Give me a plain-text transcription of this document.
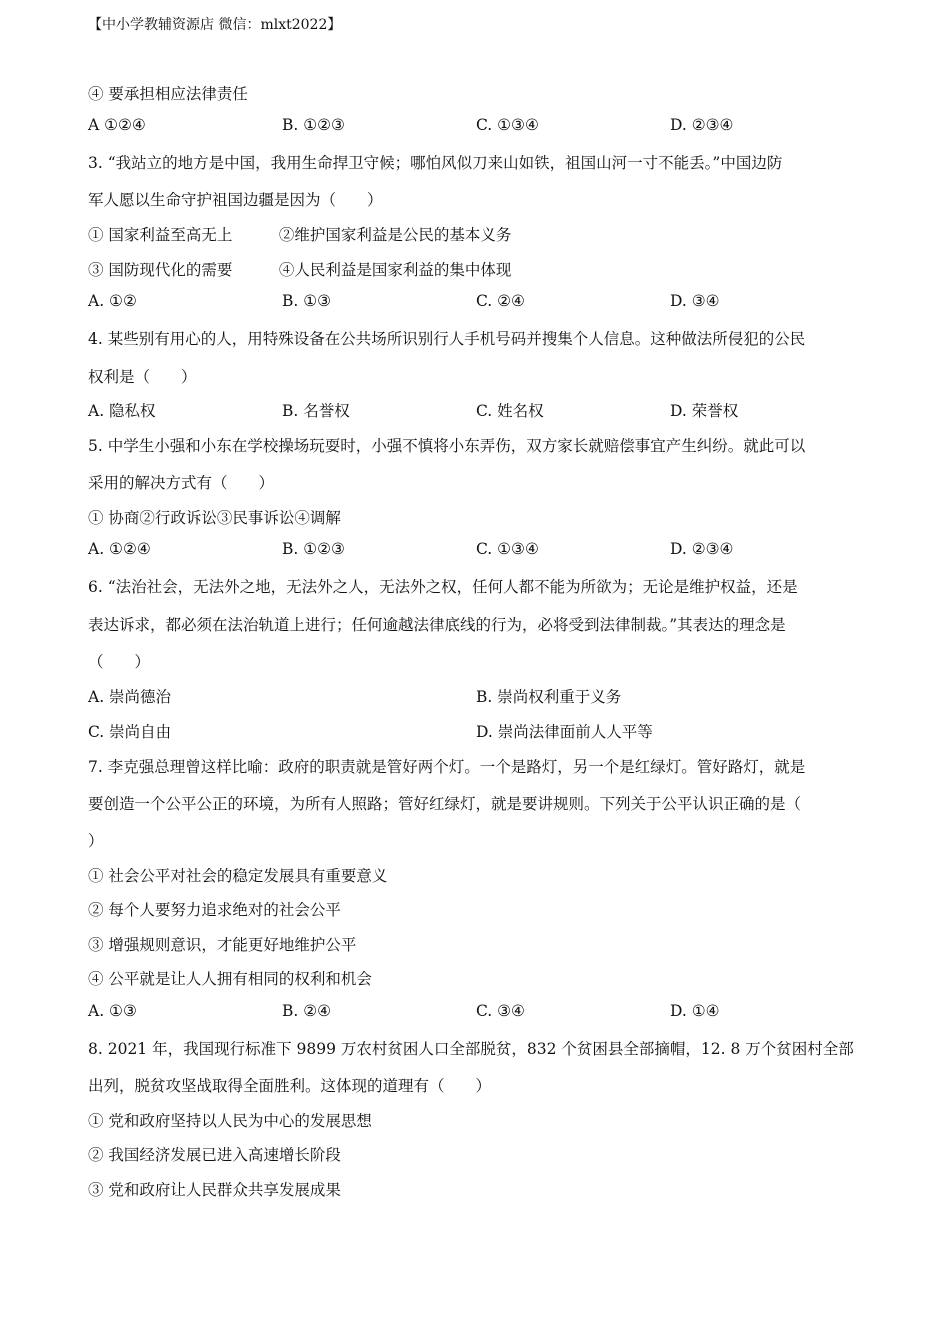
【中小学教辅资源店 微信：mlxt2022】
④ 要承担相应法律责任
A ①②④	B. ①②③	C. ①③④	D. ②③④
3. “我站立的地方是中国，我用生命捍卫守候；哪怕风似刀来山如铁，祖国山河一寸不能丢。”中国边防
军人愿以生命守护祖国边疆是因为（　　）
① 国家利益至高无上　　　②维护国家利益是公民的基本义务
③ 国防现代化的需要　　　④人民利益是国家利益的集中体现
A. ①②	B. ①③	C. ②④	D. ③④
4. 某些别有用心的人，用特殊设备在公共场所识别行人手机号码并搜集个人信息。这种做法所侵犯的公民
权利是（　　）
A. 隐私权	B. 名誉权	C. 姓名权	D. 荣誉权
5. 中学生小强和小东在学校操场玩耍时，小强不慎将小东弄伤，双方家长就赔偿事宜产生纠纷。就此可以
采用的解决方式有（　　）
① 协商②行政诉讼③民事诉讼④调解
A. ①②④	B. ①②③	C. ①③④	D. ②③④
6. “法治社会，无法外之地，无法外之人，无法外之权，任何人都不能为所欲为；无论是维护权益，还是
表达诉求，都必须在法治轨道上进行；任何逾越法律底线的行为，必将受到法律制裁。”其表达的理念是
（　　）
A. 崇尚德治	B. 崇尚权利重于义务
C. 崇尚自由	D. 崇尚法律面前人人平等
7. 李克强总理曾这样比喻：政府的职责就是管好两个灯。一个是路灯，另一个是红绿灯。管好路灯，就是
要创造一个公平公正的环境，为所有人照路；管好红绿灯，就是要讲规则。下列关于公平认识正确的是（
）
① 社会公平对社会的稳定发展具有重要意义
② 每个人要努力追求绝对的社会公平
③ 增强规则意识，才能更好地维护公平
④ 公平就是让人人拥有相同的权利和机会
A. ①③	B. ②④	C. ③④	D. ①④
8. 2021 年，我国现行标准下 9899 万农村贫困人口全部脱贫，832 个贫困县全部摘帽，12. 8 万个贫困村全部
出列，脱贫攻坚战取得全面胜利。这体现的道理有（　　）
① 党和政府坚持以人民为中心的发展思想
② 我国经济发展已进入高速增长阶段
③ 党和政府让人民群众共享发展成果
